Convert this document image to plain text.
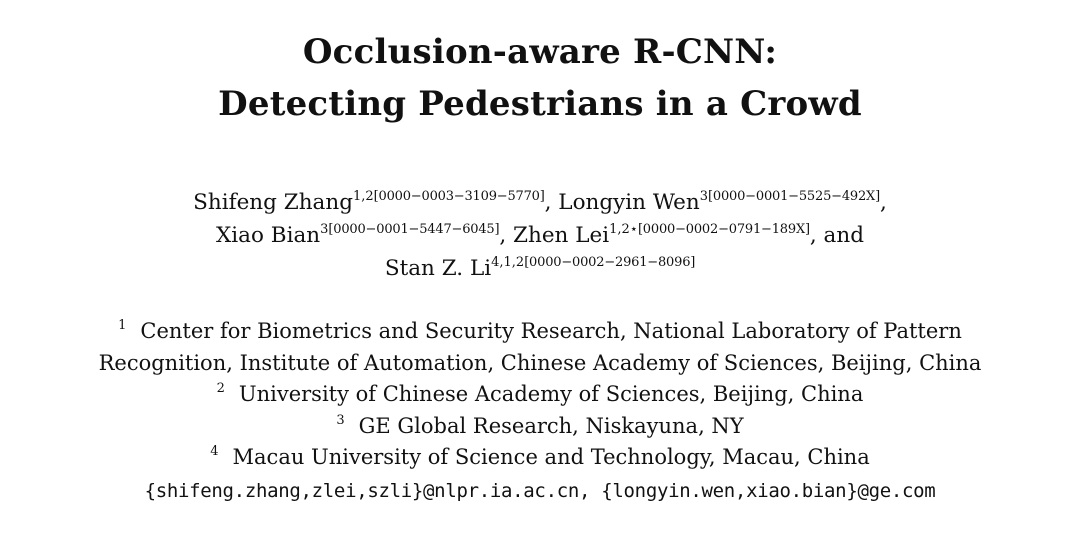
Occlusion-aware R-CNN:
Detecting Pedestrians in a Crowd
Shifeng Zhang$^{1,2[0000-0003-3109-5770]}$, Longyin Wen$^{3[0000-0001-5525-492X]}$,
Xiao Bian$^{3[0000-0001-5447-6045]}$, Zhen Lei$^{1,2⋆[0000-0002-0791-189X]}$, and
Stan Z. $Li^{4,1,2[0000-0002-2961-8096]}$
$^1$ Center for Biometrics and Security Research, National Laboratory of Pattern
Recognition, Institute of Automation, Chinese Academy of Sciences, Beijing, China
$^2$ University of Chinese Academy of Sciences, Beijing, China
$^3$ GE Global Research, Niskayuna, NY
$^4$ Macau University of Science and Technology, Macau, China
{shifeng.zhang,zlei,szli}@nlpr.ia.ac.cn, {longyin.wen,xiao.bian}@ge.com
